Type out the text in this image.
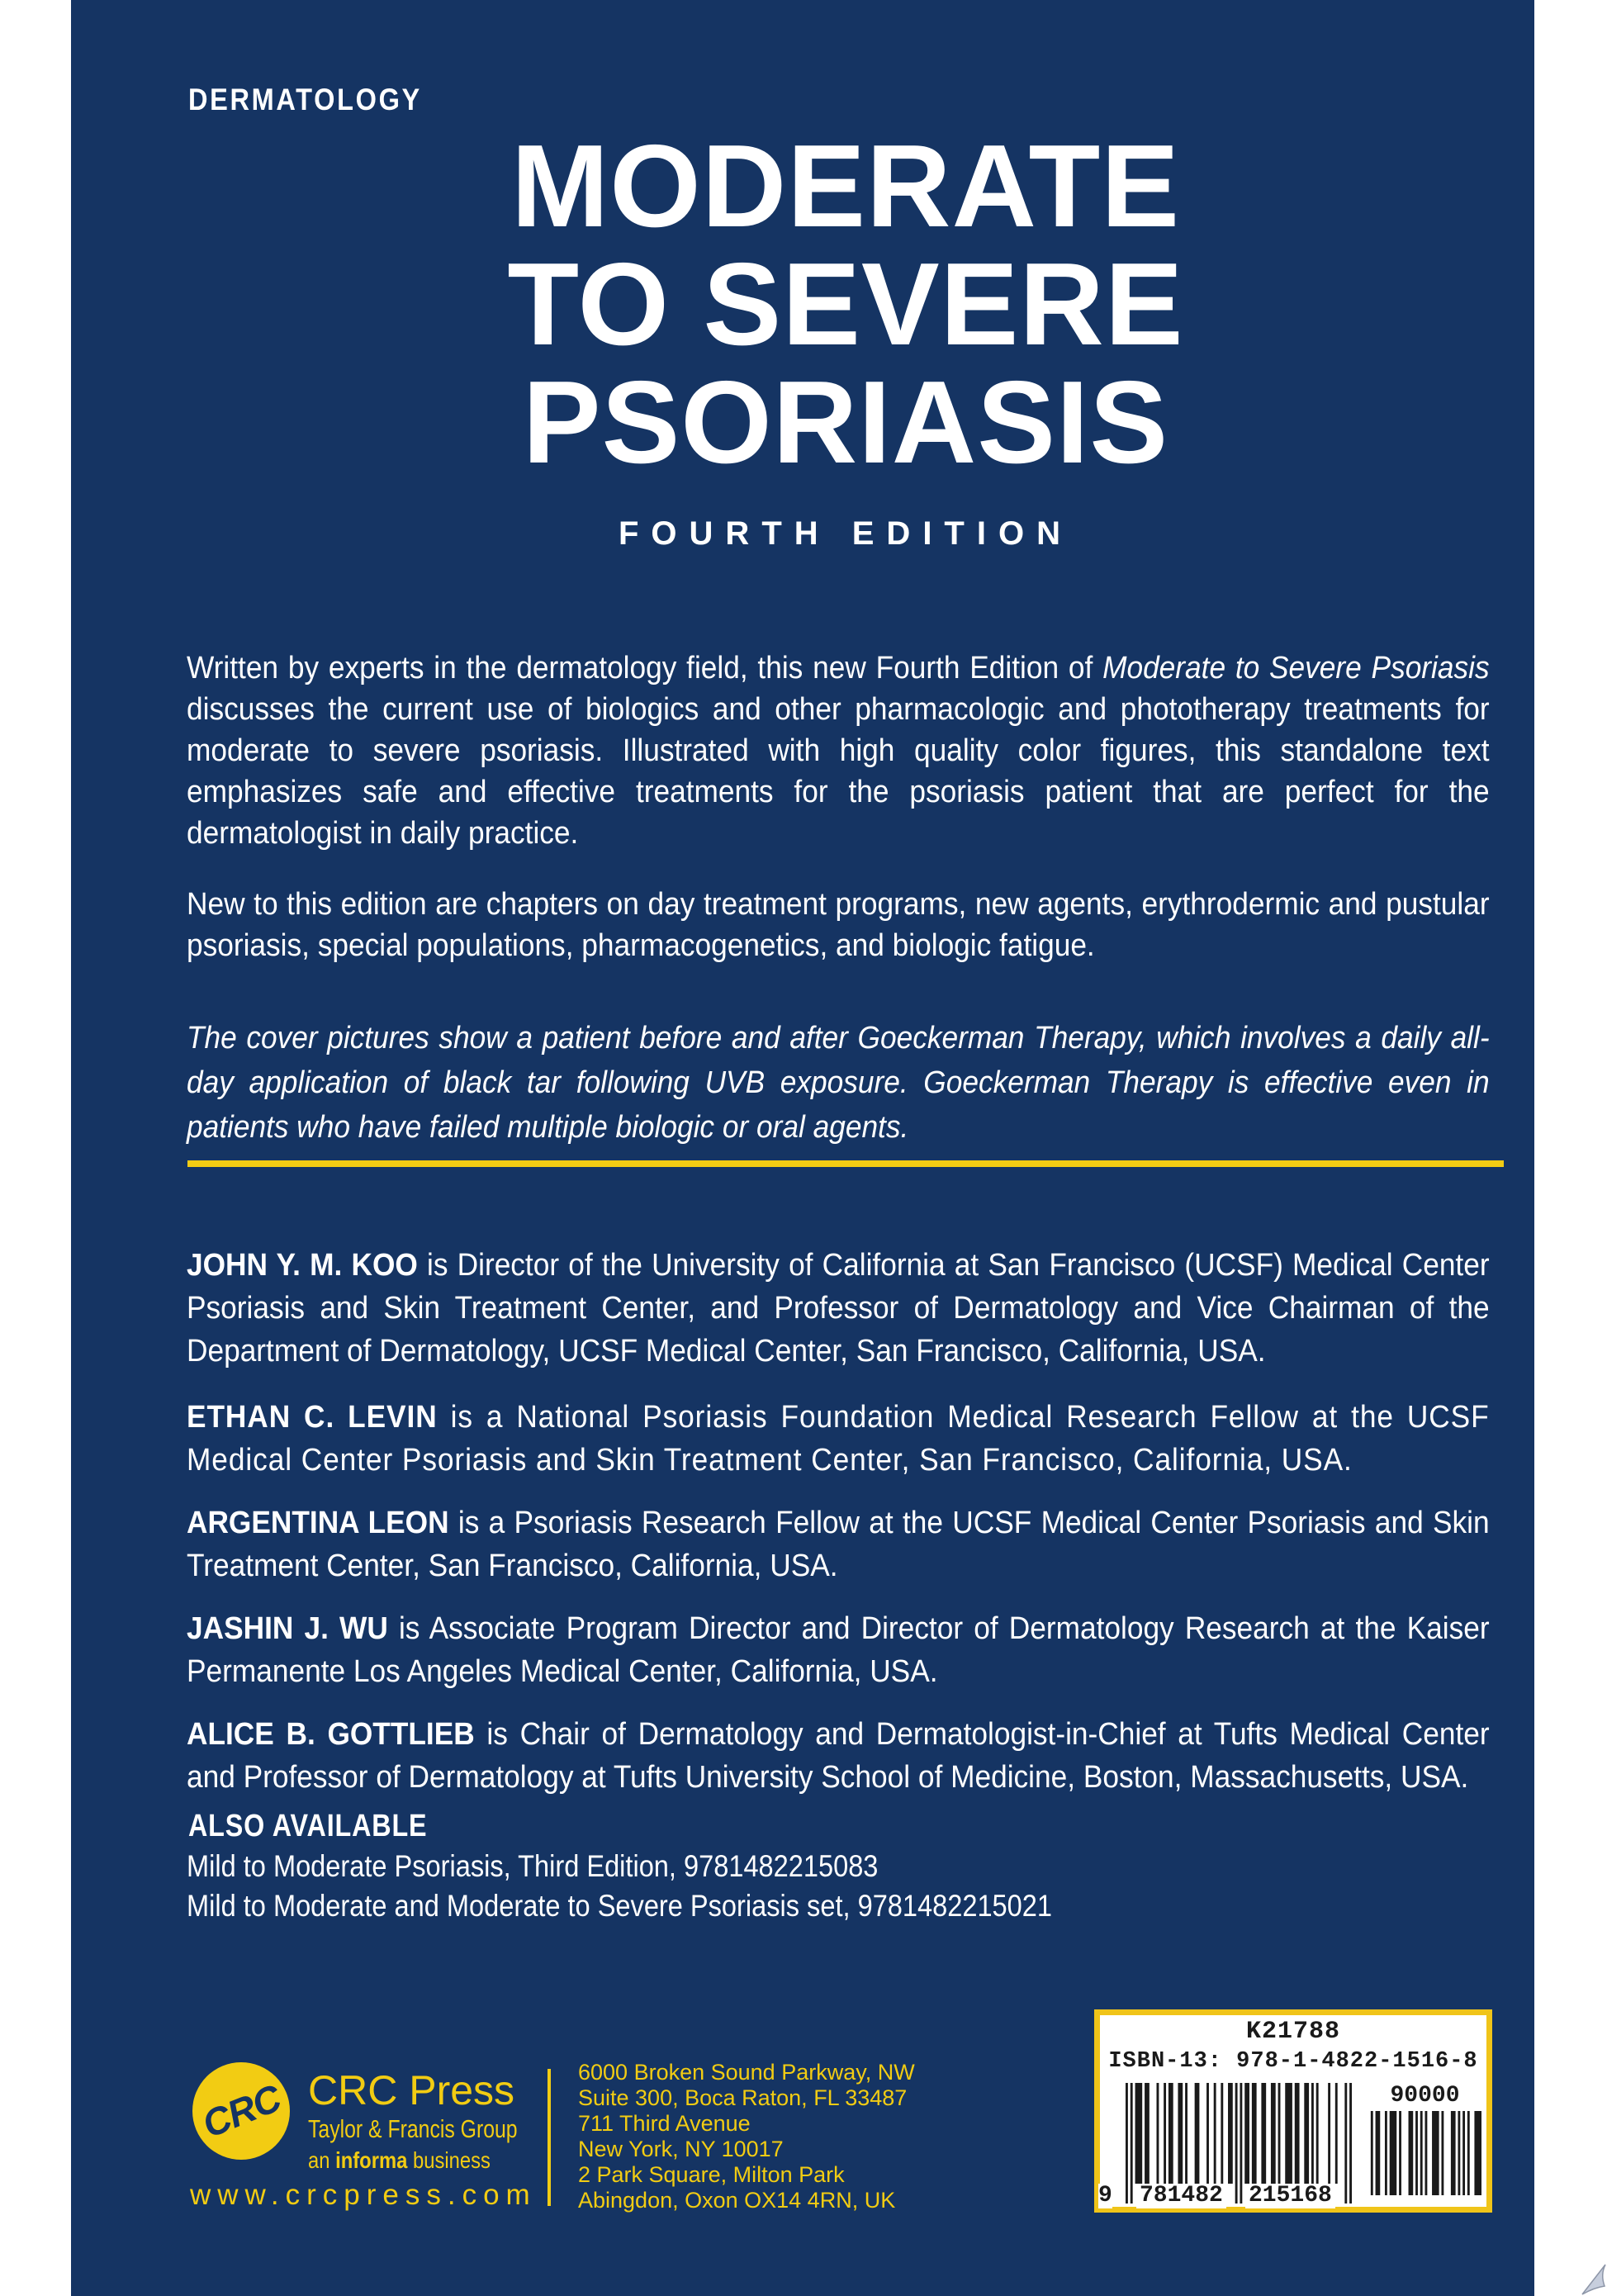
DERMATOLOGY
MODERATE
TO SEVERE
PSORIASIS
FOURTH EDITION

Written by experts in the dermatology field, this new Fourth Edition of Moderate to Severe Psoriasis discusses the current use of biologics and other pharmacologic and phototherapy treatments for moderate to severe psoriasis. Illustrated with high quality color figures, this standalone text emphasizes safe and effective treatments for the psoriasis patient that are perfect for the dermatologist in daily practice.

New to this edition are chapters on day treatment programs, new agents, erythrodermic and pustular psoriasis, special populations, pharmacogenetics, and biologic fatigue.

The cover pictures show a patient before and after Goeckerman Therapy, which involves a daily all-day application of black tar following UVB exposure. Goeckerman Therapy is effective even in patients who have failed multiple biologic or oral agents.

JOHN Y. M. KOO is Director of the University of California at San Francisco (UCSF) Medical Center Psoriasis and Skin Treatment Center, and Professor of Dermatology and Vice Chairman of the Department of Dermatology, UCSF Medical Center, San Francisco, California, USA.

ETHAN C. LEVIN is a National Psoriasis Foundation Medical Research Fellow at the UCSF Medical Center Psoriasis and Skin Treatment Center, San Francisco, California, USA.

ARGENTINA LEON is a Psoriasis Research Fellow at the UCSF Medical Center Psoriasis and Skin Treatment Center, San Francisco, California, USA.

JASHIN J. WU is Associate Program Director and Director of Dermatology Research at the Kaiser Permanente Los Angeles Medical Center, California, USA.

ALICE B. GOTTLIEB is Chair of Dermatology and Dermatologist-in-Chief at Tufts Medical Center and Professor of Dermatology at Tufts University School of Medicine, Boston, Massachusetts, USA.

ALSO AVAILABLE
Mild to Moderate Psoriasis, Third Edition, 9781482215083
Mild to Moderate and Moderate to Severe Psoriasis set, 9781482215021
CRC CRC Press
Taylor & Francis Group
an informa business
www.crcpress.com
6000 Broken Sound Parkway, NW
Suite 300, Boca Raton, FL 33487
711 Third Avenue
New York, NY 10017
2 Park Square, Milton Park
Abingdon, Oxon OX14 4RN, UK
K21788
ISBN-13: 978-1-4822-1516-8
9 781482 215168
90000
